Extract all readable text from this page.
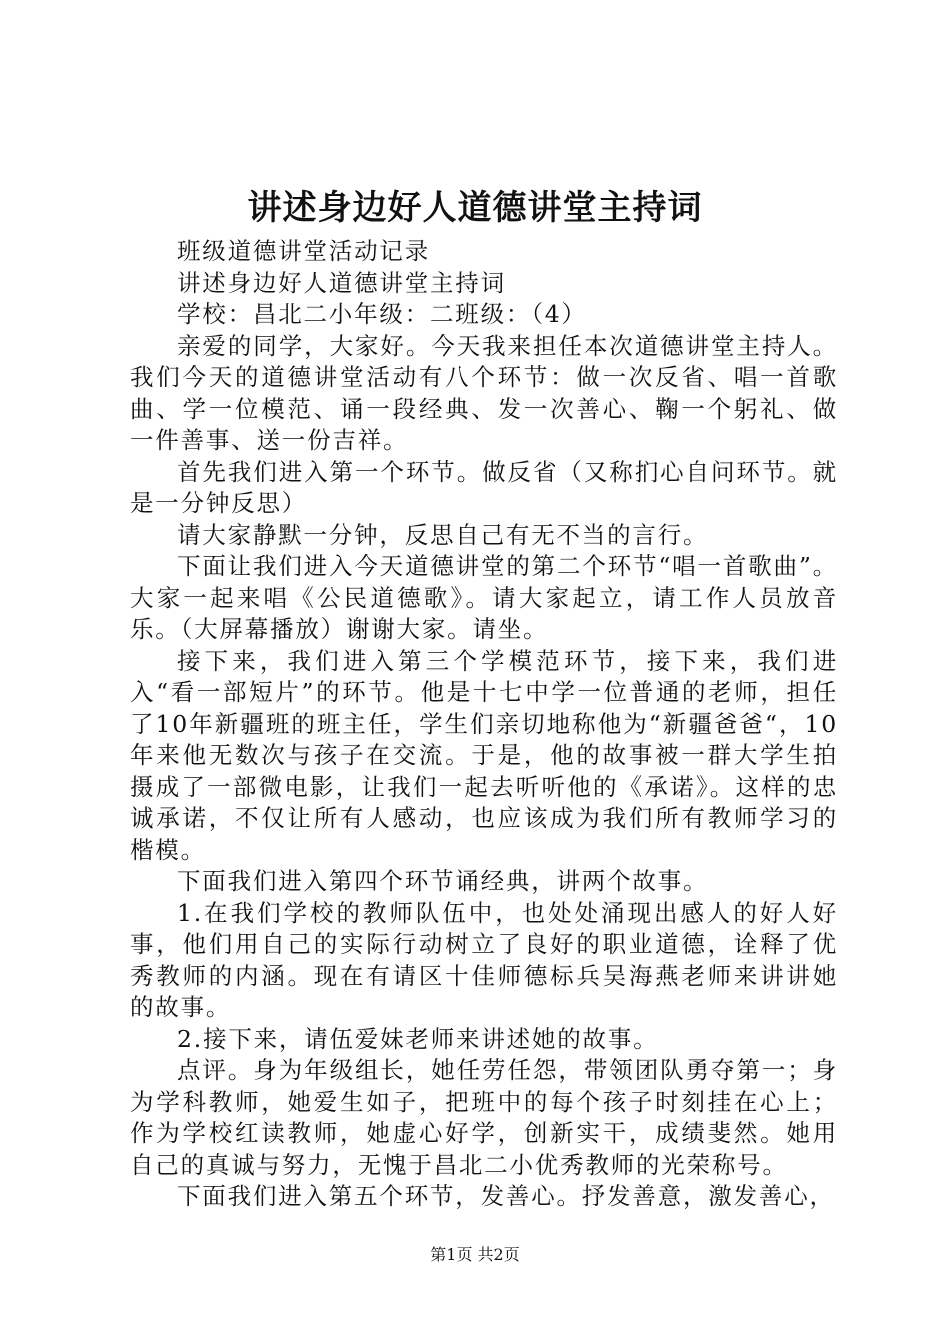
讲述身边好人道德讲堂主持词

班级道德讲堂活动记录

讲述身边好人道德讲堂主持词

学校：昌北二小年级：二班级：（4）

亲爱的同学，大家好。今天我来担任本次道德讲堂主持人。我们今天的道德讲堂活动有八个环节：做一次反省、唱一首歌曲、学一位模范、诵一段经典、发一次善心、鞠一个躬礼、做一件善事、送一份吉祥。

首先我们进入第一个环节。做反省（又称扪心自问环节。就是一分钟反思）

请大家静默一分钟，反思自己有无不当的言行。

下面让我们进入今天道德讲堂的第二个环节“唱一首歌曲”。大家一起来唱《公民道德歌》。请大家起立，请工作人员放音乐。（大屏幕播放）谢谢大家。请坐。

接下来，我们进入第三个学模范环节，接下来，我们进入“看一部短片”的环节。他是十七中学一位普通的老师，担任了10年新疆班的班主任，学生们亲切地称他为“新疆爸爸“，10年来他无数次与孩子在交流。于是，他的故事被一群大学生拍摄成了一部微电影，让我们一起去听听他的《承诺》。这样的忠诚承诺，不仅让所有人感动，也应该成为我们所有教师学习的楷模。

下面我们进入第四个环节诵经典，讲两个故事。

1.在我们学校的教师队伍中，也处处涌现出感人的好人好事，他们用自己的实际行动树立了良好的职业道德，诠释了优秀教师的内涵。现在有请区十佳师德标兵吴海燕老师来讲讲她的故事。

2.接下来，请伍爱妹老师来讲述她的故事。

点评。身为年级组长，她任劳任怨，带领团队勇夺第一；身为学科教师，她爱生如子，把班中的每个孩子时刻挂在心上；作为学校红读教师，她虚心好学，创新实干，成绩斐然。她用自己的真诚与努力，无愧于昌北二小优秀教师的光荣称号。

下面我们进入第五个环节，发善心。抒发善意，激发善心，

第1页 共2页
